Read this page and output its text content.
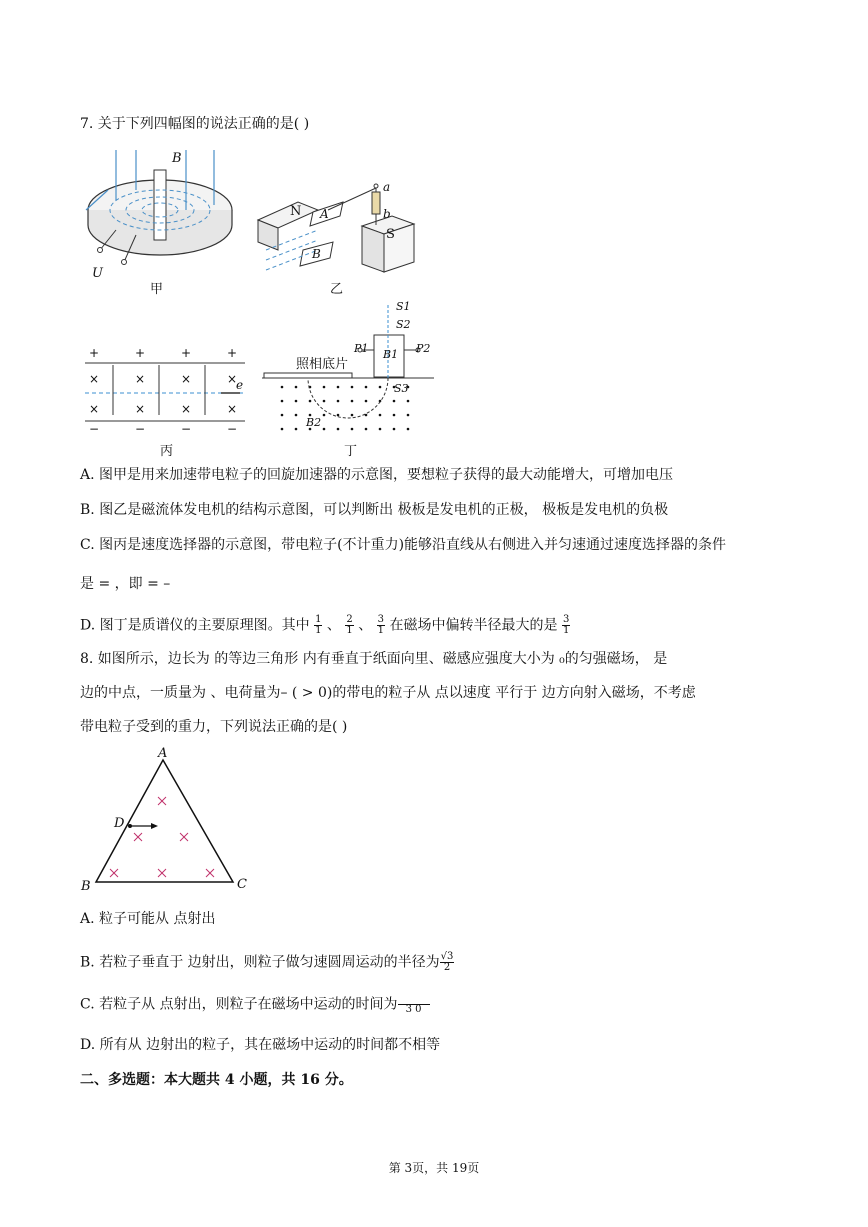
7. 关于下列四幅图的说法正确的是( )
B
U
甲
N
S
A
B
a
b
乙
+	+	+	+
−	−	−	−
×	×	×	×
×	×	×	×
e
丙
照相底片
S1
S2
S3
P1	P2
B1
B2
丁
A. 图甲是用来加速带电粒子的回旋加速器的示意图，要想粒子获得的最大动能增大，可增加电压
B. 图乙是磁流体发电机的结构示意图，可以判断出 极板是发电机的正极， 极板是发电机的负极
C. 图丙是速度选择器的示意图，带电粒子(不计重力)能够沿直线从右侧进入并匀速通过速度选择器的条件
是 = ，即 = –
D. 图丁是质谱仪的主要原理图。其中 $\frac{1}{1}$ 、 $\frac{2}{1}$ 、 $\frac{3}{1}$ 在磁场中偏转半径最大的是 $\frac{3}{1}$
8. 如图所示，边长为 的等边三角形 内有垂直于纸面向里、磁感应强度大小为 ₀的匀强磁场， 是
边的中点，一质量为 、电荷量为– ( > 0)的带电的粒子从 点以速度 平行于 边方向射入磁场，不考虑
带电粒子受到的重力，下列说法正确的是( )
A
B	C
D
A. 粒子可能从 点射出
B. 若粒子垂直于 边射出，则粒子做匀速圆周运动的半径为 $\frac{√3}{2}$
C. 若粒子从 点射出，则粒子在磁场中运动的时间为 3 0
D. 所有从 边射出的粒子，其在磁场中运动的时间都不相等
二、多选题：本大题共 4 小题，共 16 分。
第 3页，共 19页
